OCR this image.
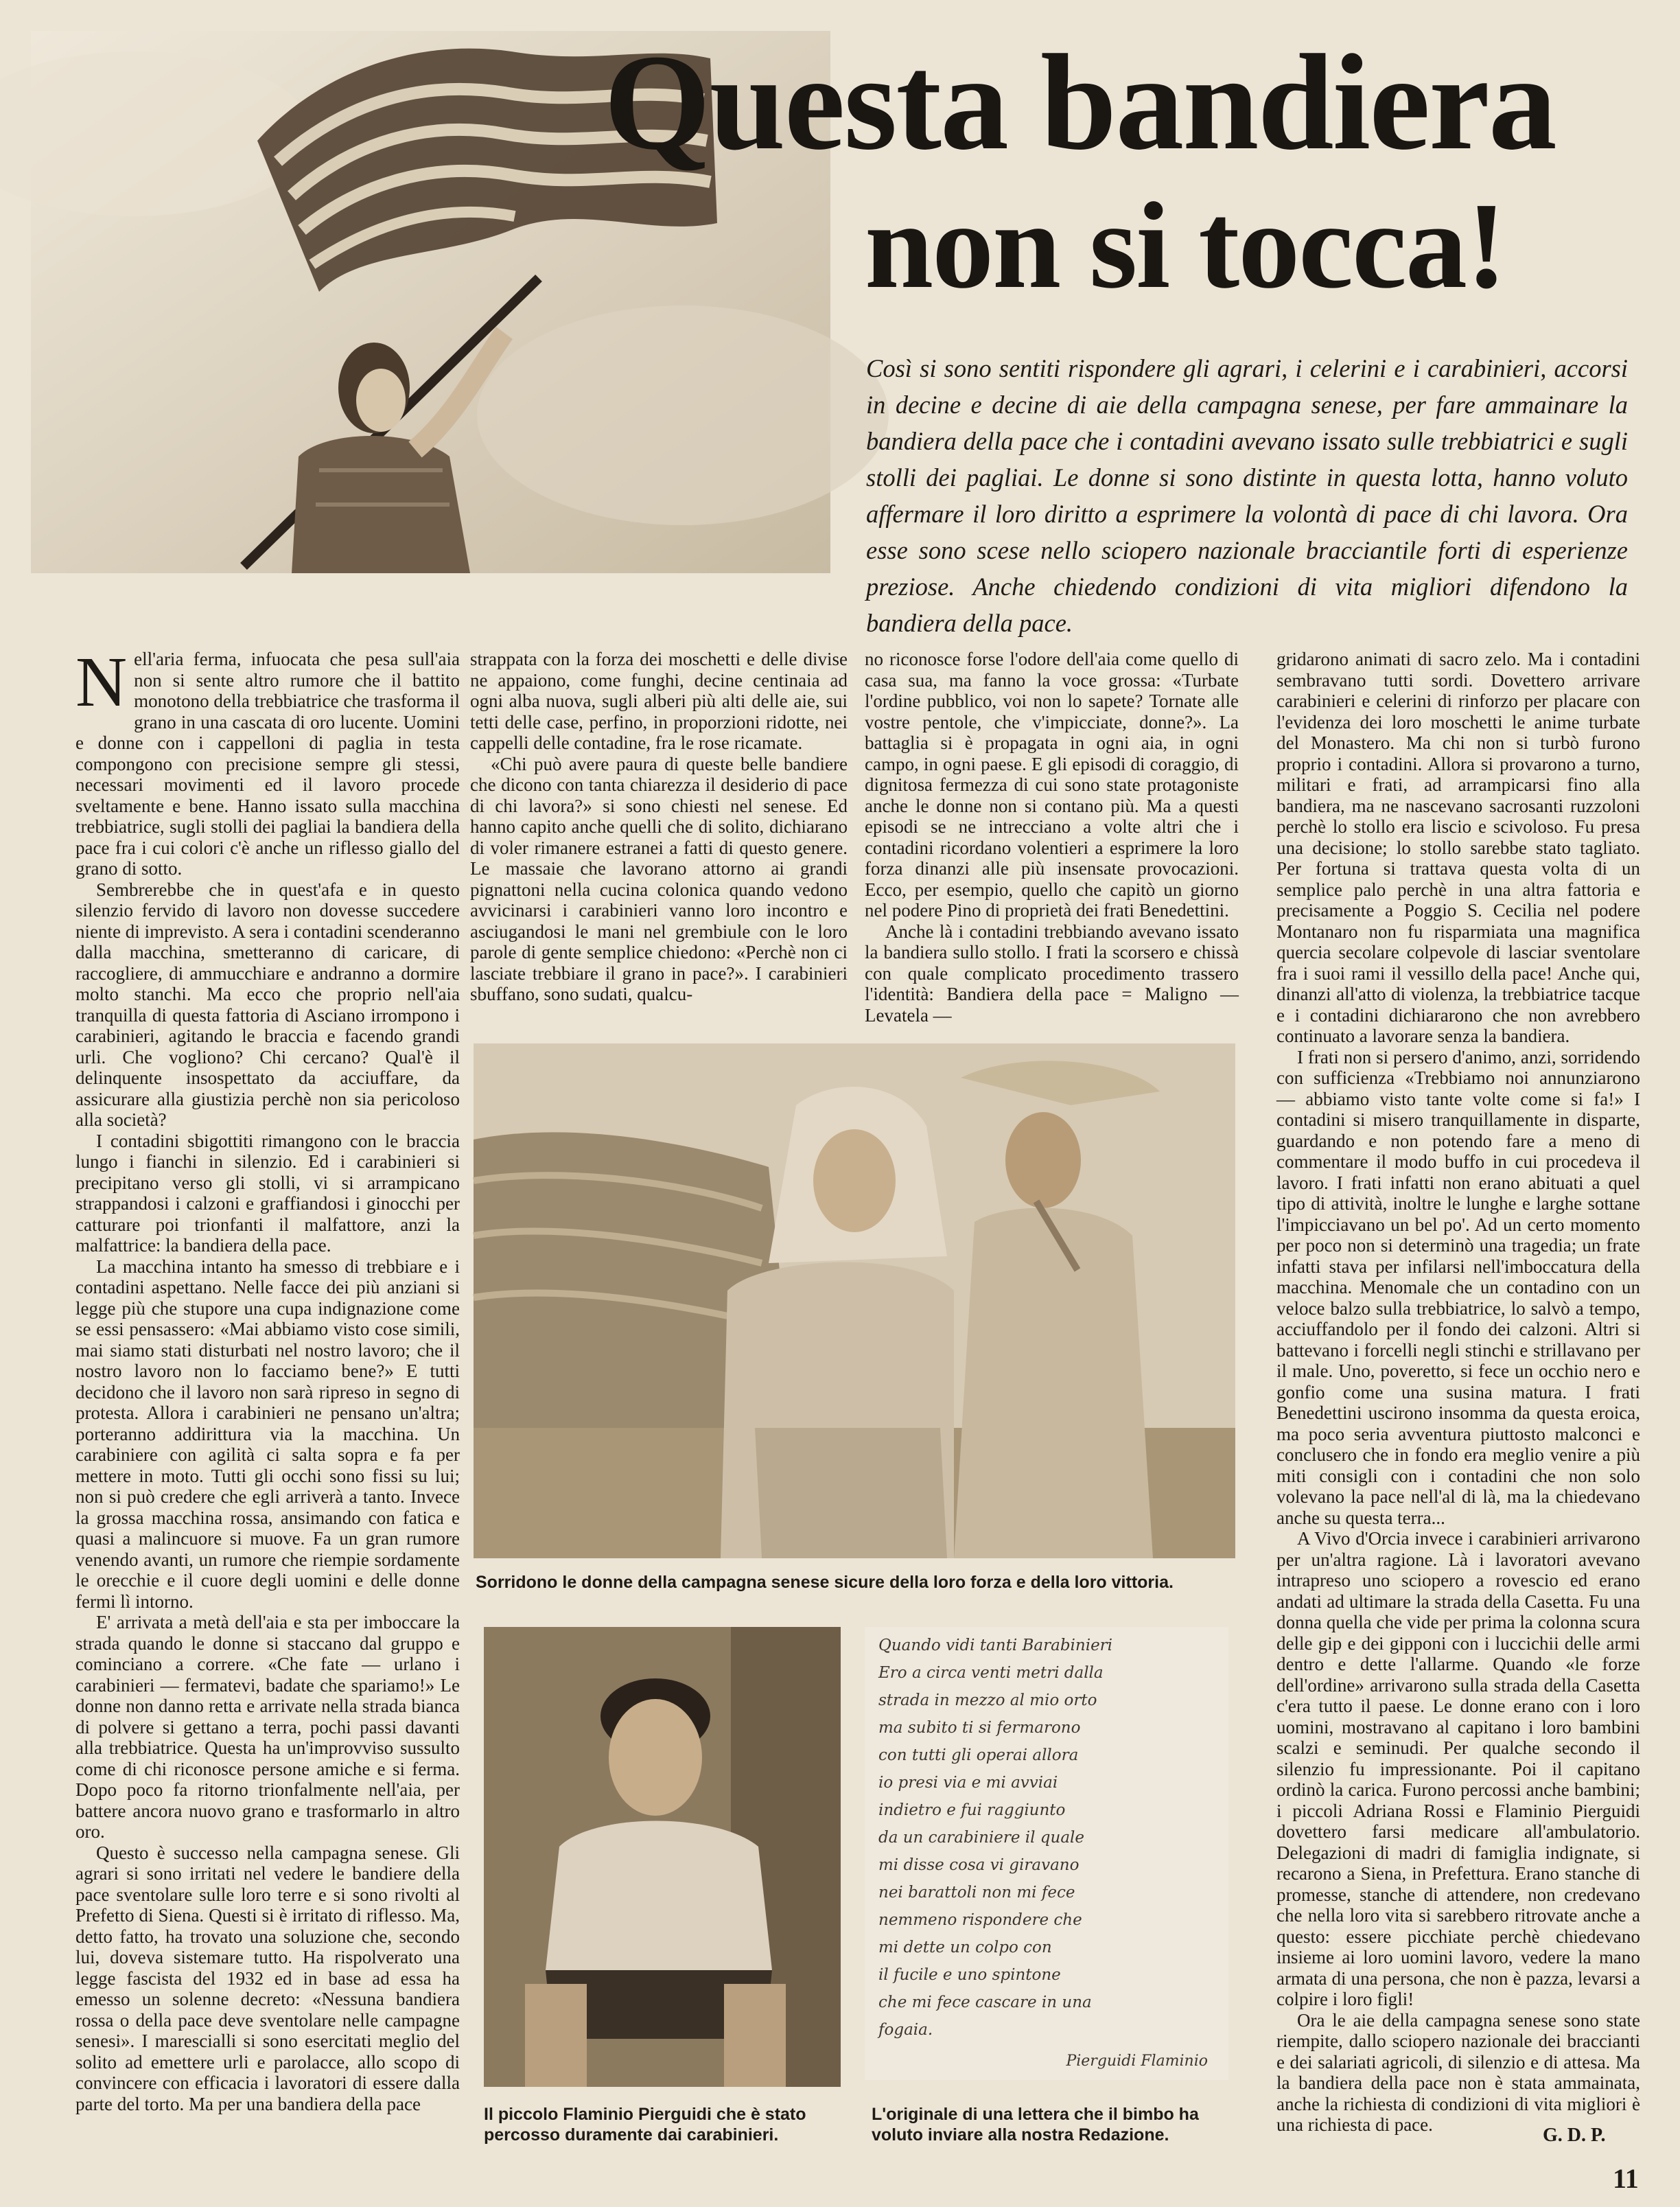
Questa bandiera
non si tocca!
Così si sono sentiti rispondere gli agrari, i celerini e i carabinieri, accorsi in decine e decine di aie della campagna senese, per fare ammainare la bandiera della pace che i contadini avevano issato sulle trebbiatrici e sugli stolli dei pagliai. Le donne si sono distinte in questa lotta, hanno voluto affermare il loro diritto a esprimere la volontà di pace di chi lavora. Ora esse sono scese nello sciopero nazionale bracciantile forti di esperienze preziose. Anche chiedendo condizioni di vita migliori difendono la bandiera della pace.

Nell'aria ferma, infuocata che pesa sull'aia non si sente altro rumore che il battito monotono della trebbiatrice che trasforma il grano in una cascata di oro lucente. Uomini e donne con i cappelloni di paglia in testa compongono con precisione sempre gli stessi, necessari movimenti ed il lavoro procede sveltamente e bene. Hanno issato sulla macchina trebbiatrice, sugli stolli dei pagliai la bandiera della pace fra i cui colori c'è anche un riflesso giallo del grano di sotto.

Sembrerebbe che in quest'afa e in questo silenzio fervido di lavoro non dovesse succedere niente di imprevisto. A sera i contadini scenderanno dalla macchina, smetteranno di caricare, di raccogliere, di ammucchiare e andranno a dormire molto stanchi. Ma ecco che proprio nell'aia tranquilla di questa fattoria di Asciano irrompono i carabinieri, agitando le braccia e facendo grandi urli. Che vogliono? Chi cercano? Qual'è il delinquente insospettato da acciuffare, da assicurare alla giustizia perchè non sia pericoloso alla società?

I contadini sbigottiti rimangono con le braccia lungo i fianchi in silenzio. Ed i carabinieri si precipitano verso gli stolli, vi si arrampicano strappandosi i calzoni e graffiandosi i ginocchi per catturare poi trionfanti il malfattore, anzi la malfattrice: la bandiera della pace.

La macchina intanto ha smesso di trebbiare e i contadini aspettano. Nelle facce dei più anziani si legge più che stupore una cupa indignazione come se essi pensassero: «Mai abbiamo visto cose simili, mai siamo stati disturbati nel nostro lavoro; che il nostro lavoro non lo facciamo bene?» E tutti decidono che il lavoro non sarà ripreso in segno di protesta. Allora i carabinieri ne pensano un'altra; porteranno addirittura via la macchina. Un carabiniere con agilità ci salta sopra e fa per mettere in moto. Tutti gli occhi sono fissi su lui; non si può credere che egli arriverà a tanto. Invece la grossa macchina rossa, ansimando con fatica e quasi a malincuore si muove. Fa un gran rumore venendo avanti, un rumore che riempie sordamente le orecchie e il cuore degli uomini e delle donne fermi lì intorno.

E' arrivata a metà dell'aia e sta per imboccare la strada quando le donne si staccano dal gruppo e cominciano a correre. «Che fate — urlano i carabinieri — fermatevi, badate che spariamo!» Le donne non danno retta e arrivate nella strada bianca di polvere si gettano a terra, pochi passi davanti alla trebbiatrice. Questa ha un'improvviso sussulto come di chi riconosce persone amiche e si ferma. Dopo poco fa ritorno trionfalmente nell'aia, per battere ancora nuovo grano e trasformarlo in altro oro.

Questo è successo nella campagna senese. Gli agrari si sono irritati nel vedere le bandiere della pace sventolare sulle loro terre e si sono rivolti al Prefetto di Siena. Questi si è irritato di riflesso. Ma, detto fatto, ha trovato una soluzione che, secondo lui, doveva sistemare tutto. Ha rispolverato una legge fascista del 1932 ed in base ad essa ha emesso un solenne decreto: «Nessuna bandiera rossa o della pace deve sventolare nelle campagne senesi». I marescialli si sono esercitati meglio del solito ad emettere urli e parolacce, allo scopo di convincere con efficacia i lavoratori di essere dalla parte del torto. Ma per una bandiera della pace

strappata con la forza dei moschetti e delle divise ne appaiono, come funghi, decine centinaia ad ogni alba nuova, sugli alberi più alti delle aie, sui tetti delle case, perfino, in proporzioni ridotte, nei cappelli delle contadine, fra le rose ricamate.

«Chi può avere paura di queste belle bandiere che dicono con tanta chiarezza il desiderio di pace di chi lavora?» si sono chiesti nel senese. Ed hanno capito anche quelli che di solito, dichiarano di voler rimanere estranei a fatti di questo genere. Le massaie che lavorano attorno ai grandi pignattoni nella cucina colonica quando vedono avvicinarsi i carabinieri vanno loro incontro e asciugandosi le mani nel grembiule con le loro parole di gente semplice chiedono: «Perchè non ci lasciate trebbiare il grano in pace?». I carabinieri sbuffano, sono sudati, qualcu-

no riconosce forse l'odore dell'aia come quello di casa sua, ma fanno la voce grossa: «Turbate l'ordine pubblico, voi non lo sapete? Tornate alle vostre pentole, che v'impicciate, donne?». La battaglia si è propagata in ogni aia, in ogni campo, in ogni paese. E gli episodi di coraggio, di dignitosa fermezza di cui sono state protagoniste anche le donne non si contano più. Ma a questi episodi se ne intrecciano a volte altri che i contadini ricordano volentieri a esprimere la loro forza dinanzi alle più insensate provocazioni. Ecco, per esempio, quello che capitò un giorno nel podere Pino di proprietà dei frati Benedettini.

Anche là i contadini trebbiando avevano issato la bandiera sullo stollo. I frati la scorsero e chissà con quale complicato procedimento trassero l'identità: Bandiera della pace = Maligno — Levatela —

gridarono animati di sacro zelo. Ma i contadini sembravano tutti sordi. Dovettero arrivare carabinieri e celerini di rinforzo per placare con l'evidenza dei loro moschetti le anime turbate del Monastero. Ma chi non si turbò furono proprio i contadini. Allora si provarono a turno, militari e frati, ad arrampicarsi fino alla bandiera, ma ne nascevano sacrosanti ruzzoloni perchè lo stollo era liscio e scivoloso. Fu presa una decisione; lo stollo sarebbe stato tagliato. Per fortuna si trattava questa volta di un semplice palo perchè in una altra fattoria e precisamente a Poggio S. Cecilia nel podere Montanaro non fu risparmiata una magnifica quercia secolare colpevole di lasciar sventolare fra i suoi rami il vessillo della pace! Anche qui, dinanzi all'atto di violenza, la trebbiatrice tacque e i contadini dichiararono che non avrebbero continuato a lavorare senza la bandiera.

I frati non si persero d'animo, anzi, sorridendo con sufficienza «Trebbiamo noi annunziarono — abbiamo visto tante volte come si fa!» I contadini si misero tranquillamente in disparte, guardando e non potendo fare a meno di commentare il modo buffo in cui procedeva il lavoro. I frati infatti non erano abituati a quel tipo di attività, inoltre le lunghe e larghe sottane l'impicciavano un bel po'. Ad un certo momento per poco non si determinò una tragedia; un frate infatti stava per infilarsi nell'imboccatura della macchina. Menomale che un contadino con un veloce balzo sulla trebbiatrice, lo salvò a tempo, acciuffandolo per il fondo dei calzoni. Altri si battevano i forcelli negli stinchi e strillavano per il male. Uno, poveretto, si fece un occhio nero e gonfio come una susina matura. I frati Benedettini uscirono insomma da questa eroica, ma poco seria avventura piuttosto malconci e conclusero che in fondo era meglio venire a più miti consigli con i contadini che non solo volevano la pace nell'al di là, ma la chiedevano anche su questa terra...

A Vivo d'Orcia invece i carabinieri arrivarono per un'altra ragione. Là i lavoratori avevano intrapreso uno sciopero a rovescio ed erano andati ad ultimare la strada della Casetta. Fu una donna quella che vide per prima la colonna scura delle gip e dei gipponi con i luccichii delle armi dentro e dette l'allarme. Quando «le forze dell'ordine» arrivarono sulla strada della Casetta c'era tutto il paese. Le donne erano con i loro uomini, mostravano al capitano i loro bambini scalzi e seminudi. Per qualche secondo il silenzio fu impressionante. Poi il capitano ordinò la carica. Furono percossi anche bambini; i piccoli Adriana Rossi e Flaminio Pierguidi dovettero farsi medicare all'ambulatorio. Delegazioni di madri di famiglia indignate, si recarono a Siena, in Prefettura. Erano stanche di promesse, stanche di attendere, non credevano che nella loro vita si sarebbero ritrovate anche a questo: essere picchiate perchè chiedevano insieme ai loro uomini lavoro, vedere la mano armata di una persona, che non è pazza, levarsi a colpire i loro figli!

Ora le aie della campagna senese sono state riempite, dallo sciopero nazionale dei braccianti e dei salariati agricoli, di silenzio e di attesa. Ma la bandiera della pace non è stata ammainata, anche la richiesta di condizioni di vita migliori è una richiesta di pace.

Sorridono le donne della campagna senese sicure della loro forza e della loro vittoria.
Il piccolo Flaminio Pierguidi che è stato percosso duramente dai carabinieri.
Quando vidi tanti Barabinieri
Ero a circa venti metri dalla
strada in mezzo al mio orto
ma subito ti si fermarono
con tutti gli operai allora
io presi via e mi avviai
indietro e fui raggiunto
da un carabiniere il quale
mi disse cosa vi giravano
nei barattoli non mi fece
nemmeno rispondere che
mi dette un colpo con
il fucile e uno spintone
che mi fece cascare in una
fogaia.
Pierguidi Flaminio
L'originale di una lettera che il bimbo ha voluto inviare alla nostra Redazione.	G. D. P.
11
